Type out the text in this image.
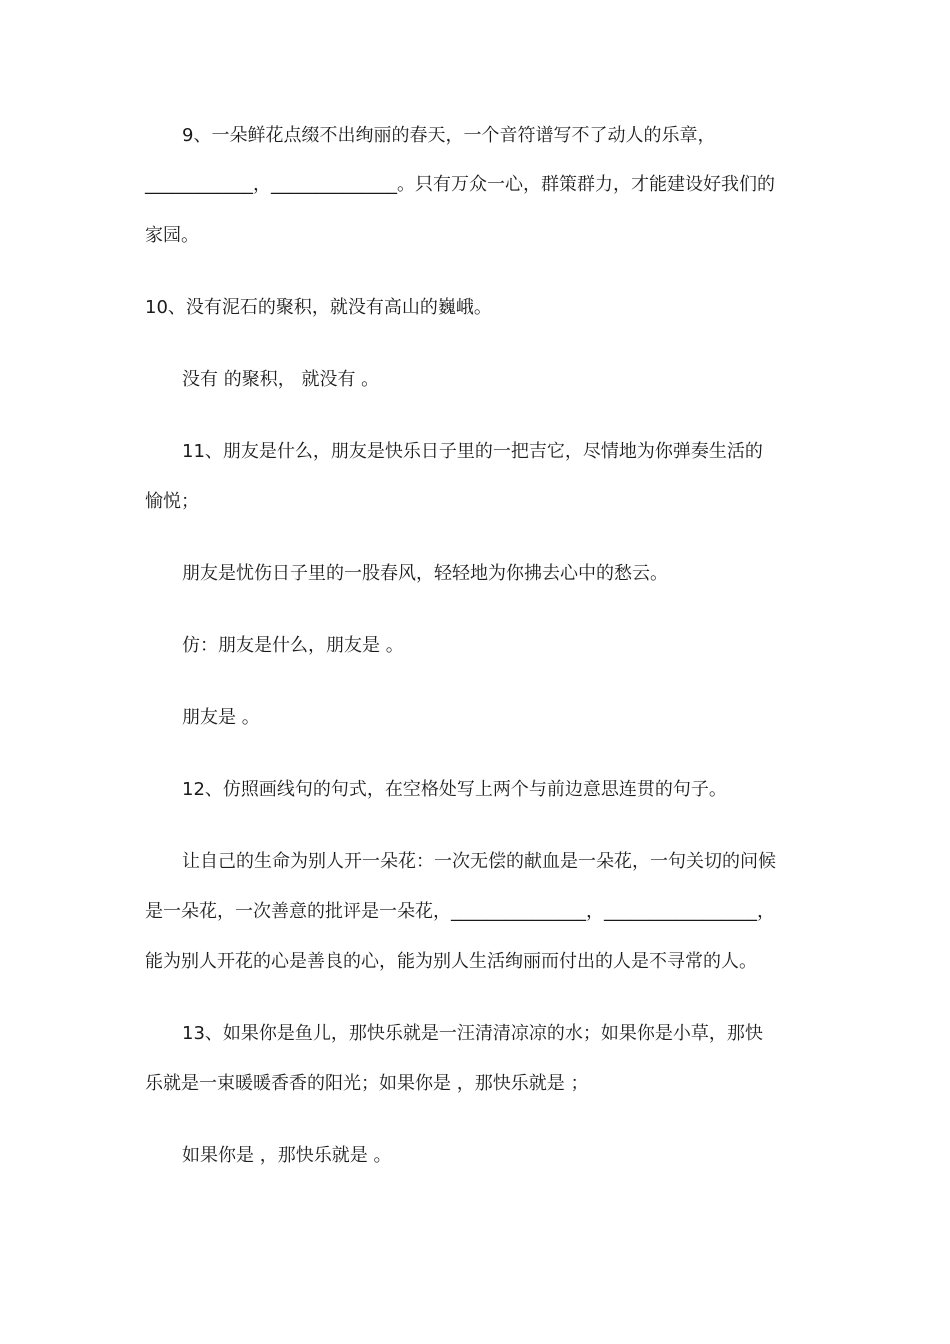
9、一朵鲜花点缀不出绚丽的春天，一个音符谱写不了动人的乐章，
____________，______________。只有万众一心，群策群力，才能建设好我们的
家园。
10、没有泥石的聚积，就没有高山的巍峨。
没有 的聚积， 就没有 。
11、朋友是什么，朋友是快乐日子里的一把吉它，尽情地为你弹奏生活的
愉悦；
朋友是忧伤日子里的一股春风，轻轻地为你拂去心中的愁云。
仿：朋友是什么，朋友是 。
朋友是 。
12、仿照画线句的句式，在空格处写上两个与前边意思连贯的句子。
让自己的生命为别人开一朵花：一次无偿的献血是一朵花，一句关切的问候
是一朵花，一次善意的批评是一朵花，_______________，_________________，
能为别人开花的心是善良的心，能为别人生活绚丽而付出的人是不寻常的人。
13、如果你是鱼儿，那快乐就是一汪清清凉凉的水；如果你是小草，那快
乐就是一束暖暖香香的阳光；如果你是 ，那快乐就是 ；
如果你是 ，那快乐就是 。
